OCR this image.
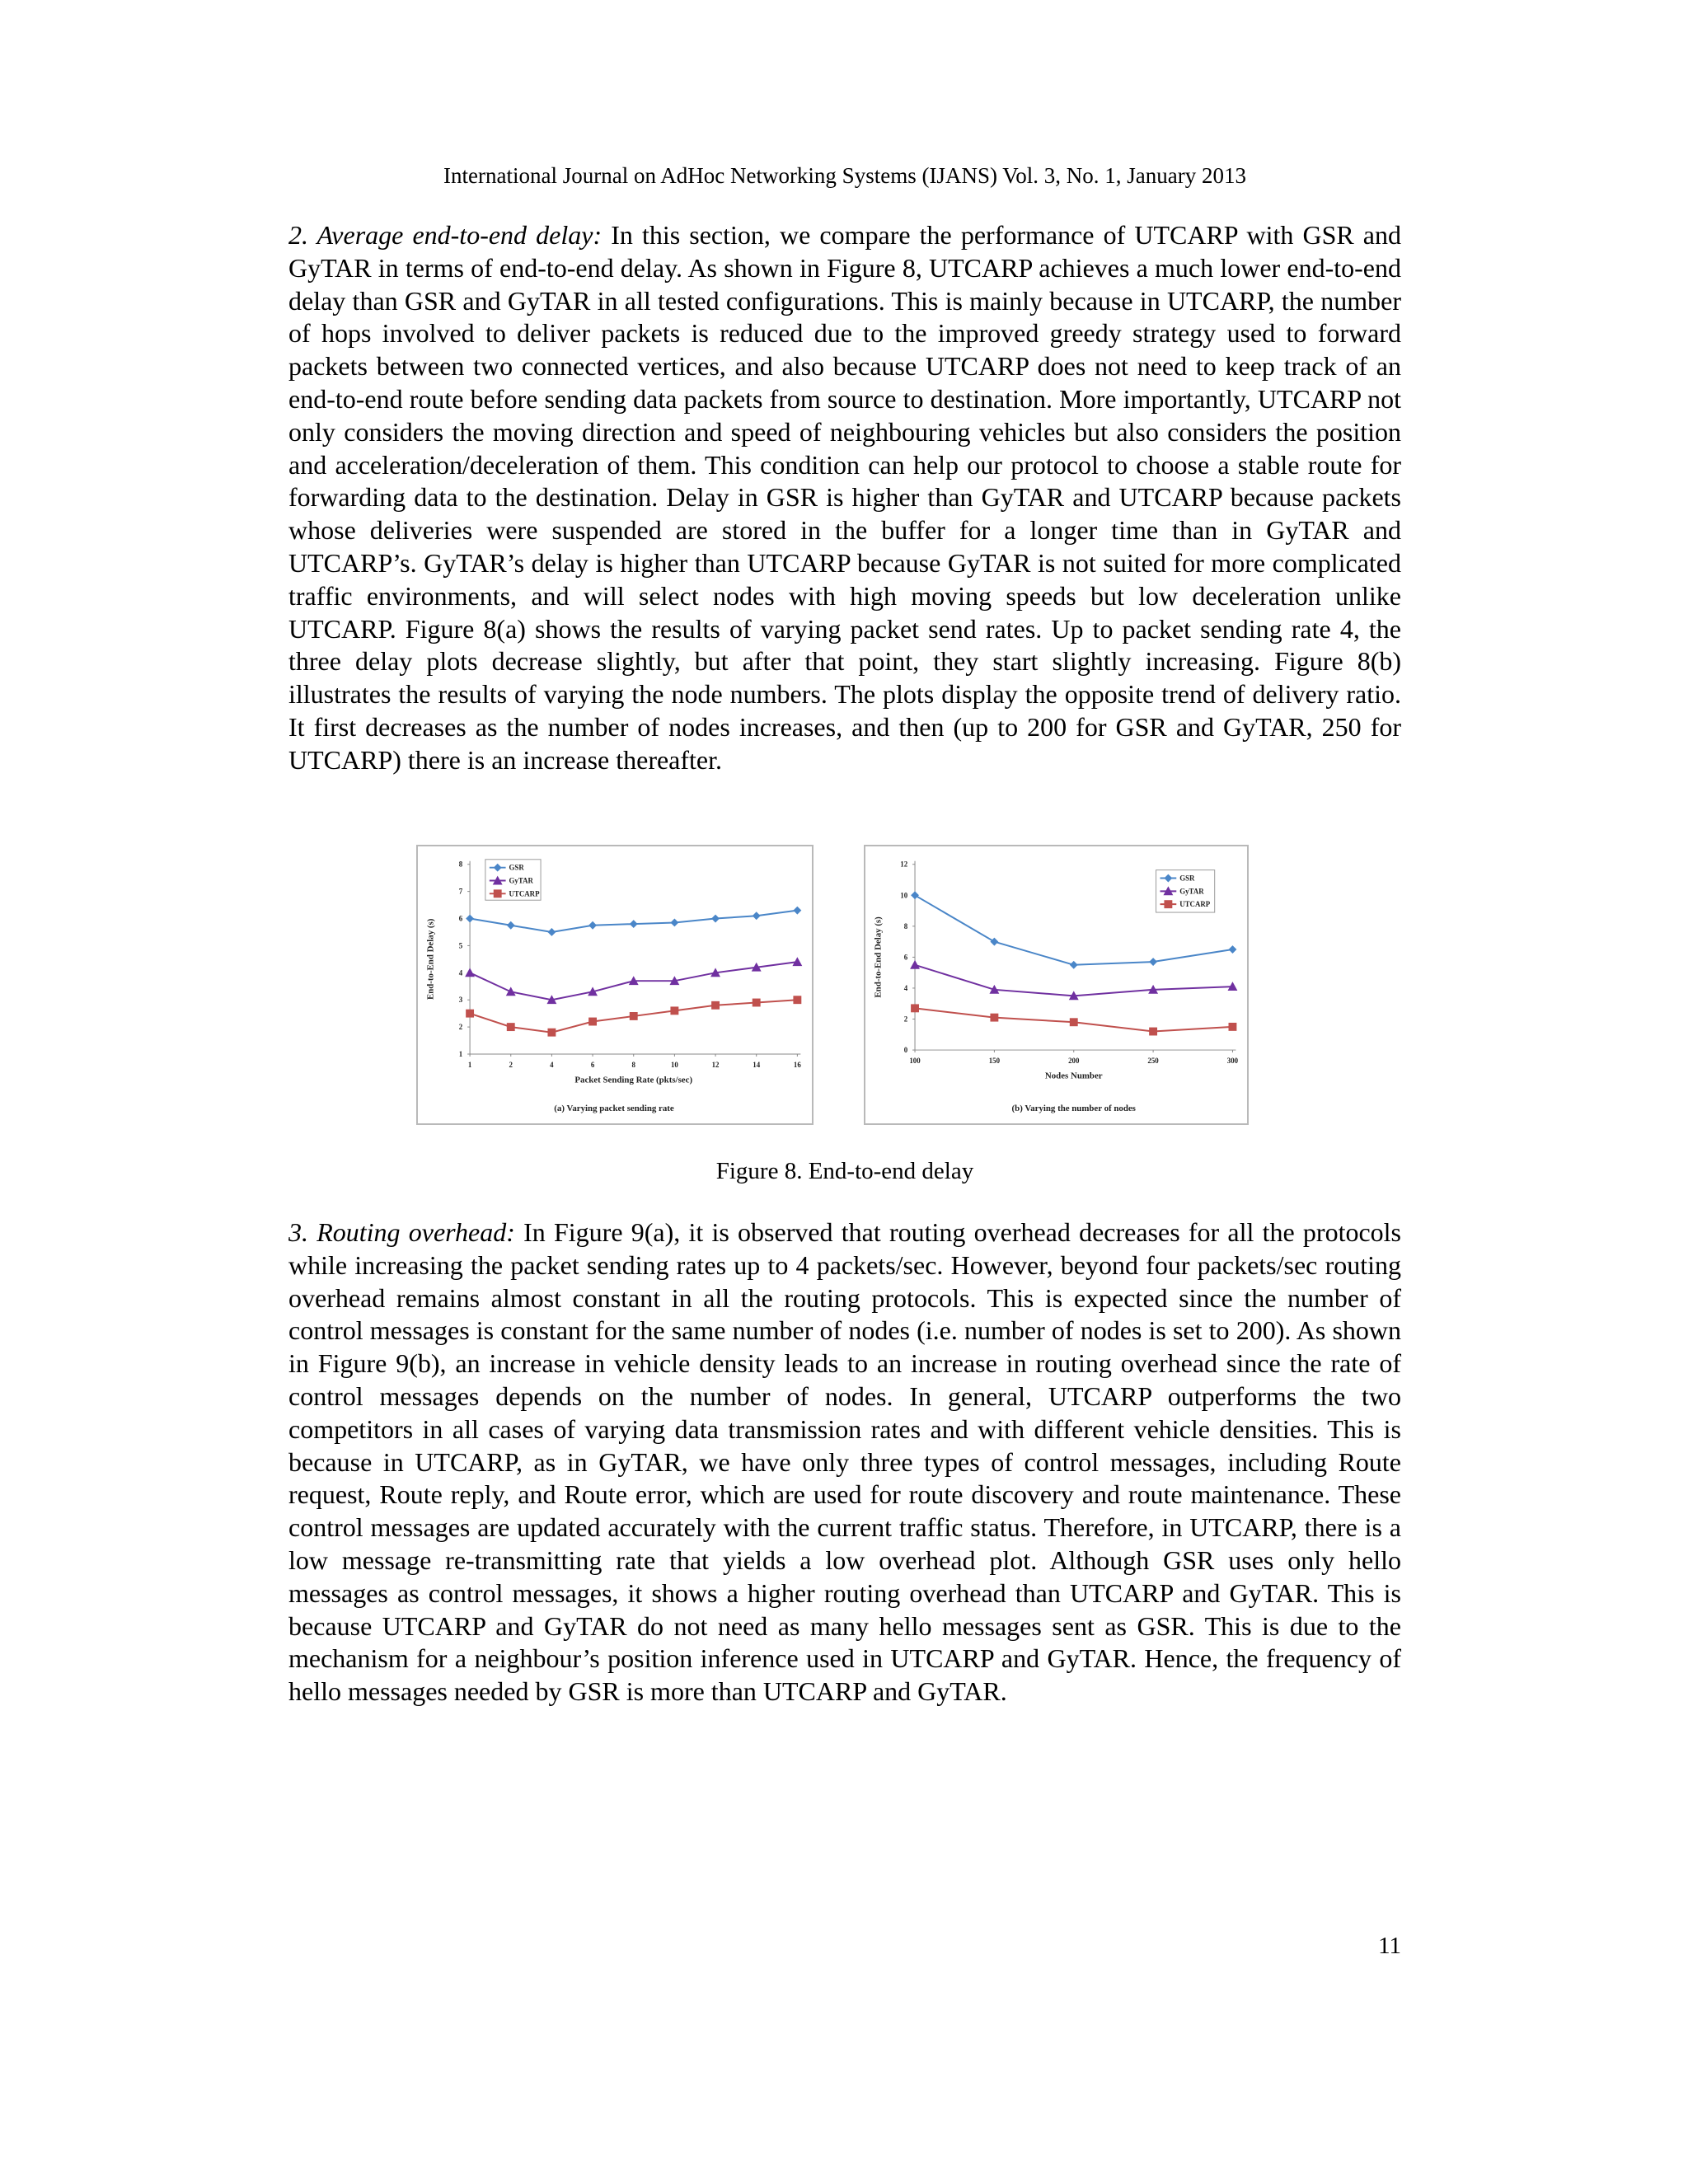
International Journal on AdHoc Networking Systems (IJANS) Vol. 3, No. 1, January 2013

2. Average end-to-end delay: In this section, we compare the performance of UTCARP with GSR and GyTAR in terms of end-to-end delay. As shown in Figure 8, UTCARP achieves a much lower end-to-end delay than GSR and GyTAR in all tested configurations. This is mainly because in UTCARP, the number of hops involved to deliver packets is reduced due to the improved greedy strategy used to forward packets between two connected vertices, and also because UTCARP does not need to keep track of an end-to-end route before sending data packets from source to destination. More importantly, UTCARP not only considers the moving direction and speed of neighbouring vehicles but also considers the position and acceleration/deceleration of them. This condition can help our protocol to choose a stable route for forwarding data to the destination. Delay in GSR is higher than GyTAR and UTCARP because packets whose deliveries were suspended are stored in the buffer for a longer time than in GyTAR and UTCARP’s. GyTAR’s delay is higher than UTCARP because GyTAR is not suited for more complicated traffic environments, and will select nodes with high moving speeds but low deceleration unlike UTCARP. Figure 8(a) shows the results of varying packet send rates. Up to packet sending rate 4, the three delay plots decrease slightly, but after that point, they start slightly increasing. Figure 8(b) illustrates the results of varying the node numbers. The plots display the opposite trend of delivery ratio. It first decreases as the number of nodes increases, and then (up to 200 for GSR and GyTAR, 250 for UTCARP) there is an increase thereafter.

1
2
3
4
5
6
7
8
1	2	4	6	8	10	12	14	16
GSR
GyTAR
UTCARP
End-to-End Delay (s)
Packet Sending Rate (pkts/sec)
(a) Varying packet sending rate
0
2
4
6
8
10
12
100	150	200	250	300
GSR
GyTAR
UTCARP
End-to-End Delay (s)
Nodes Number
(b) Varying the number of nodes
Figure 8. End-to-end delay

3. Routing overhead: In Figure 9(a), it is observed that routing overhead decreases for all the protocols while increasing the packet sending rates up to 4 packets/sec. However, beyond four packets/sec routing overhead remains almost constant in all the routing protocols. This is expected since the number of control messages is constant for the same number of nodes (i.e. number of nodes is set to 200). As shown in Figure 9(b), an increase in vehicle density leads to an increase in routing overhead since the rate of control messages depends on the number of nodes. In general, UTCARP outperforms the two competitors in all cases of varying data transmission rates and with different vehicle densities. This is because in UTCARP, as in GyTAR, we have only three types of control messages, including Route request, Route reply, and Route error, which are used for route discovery and route maintenance. These control messages are updated accurately with the current traffic status. Therefore, in UTCARP, there is a low message re-transmitting rate that yields a low overhead plot. Although GSR uses only hello messages as control messages, it shows a higher routing overhead than UTCARP and GyTAR. This is because UTCARP and GyTAR do not need as many hello messages sent as GSR. This is due to the mechanism for a neighbour’s position inference used in UTCARP and GyTAR. Hence, the frequency of hello messages needed by GSR is more than UTCARP and GyTAR.

11
